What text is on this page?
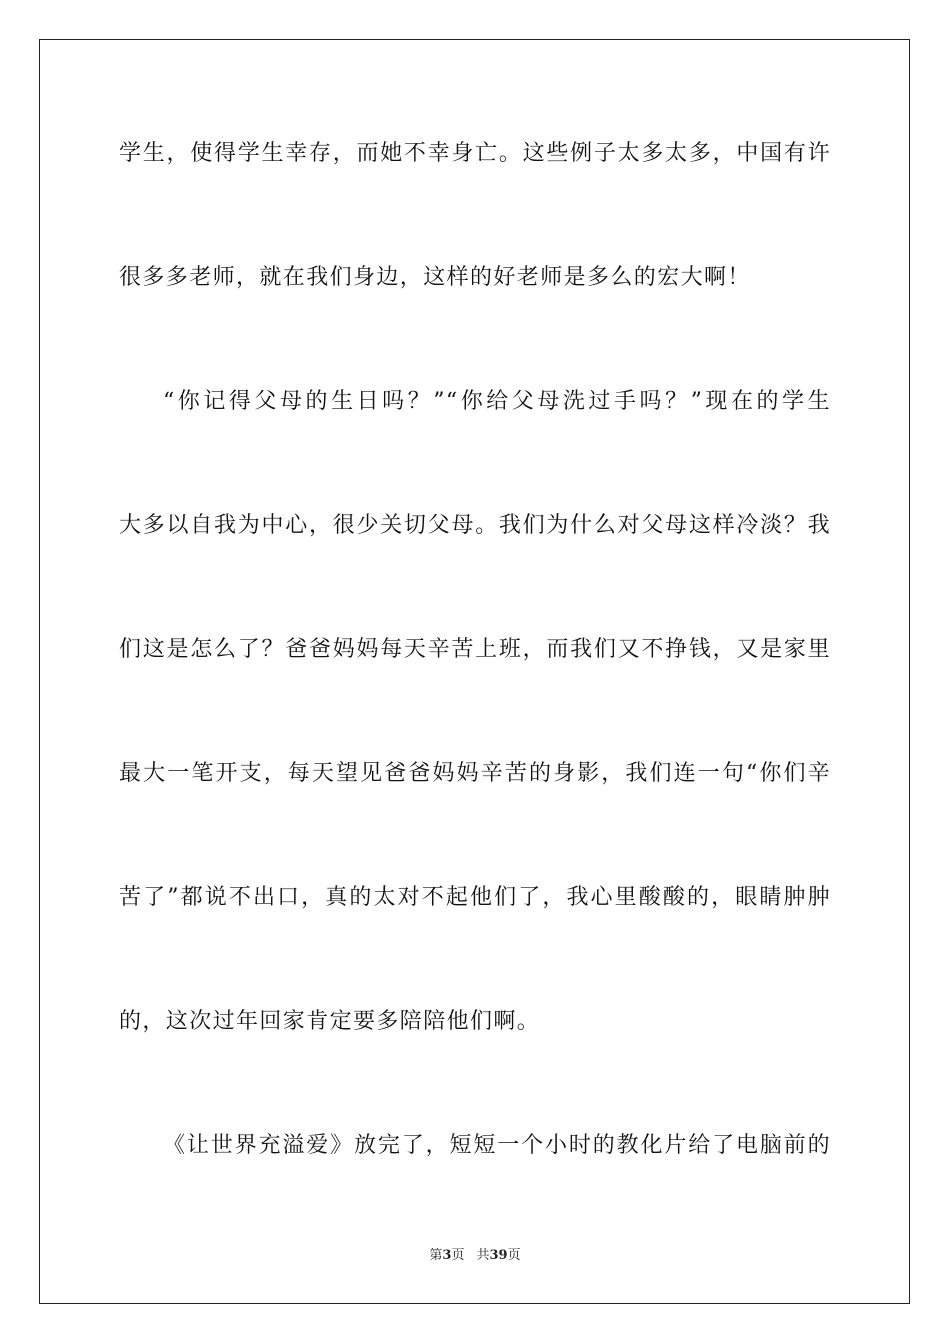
学生，使得学生幸存，而她不幸身亡。这些例子太多太多，中国有许
很多多老师，就在我们身边，这样的好老师是多么的宏大啊！
“你记得父母的生日吗？”“你给父母洗过手吗？”现在的学生
大多以自我为中心，很少关切父母。我们为什么对父母这样冷淡？我
们这是怎么了？爸爸妈妈每天辛苦上班，而我们又不挣钱，又是家里
最大一笔开支，每天望见爸爸妈妈辛苦的身影，我们连一句“你们辛
苦了”都说不出口，真的太对不起他们了，我心里酸酸的，眼睛肿肿
的，这次过年回家肯定要多陪陪他们啊。
《让世界充溢爱》放完了，短短一个小时的教化片给了电脑前的
第3页 共39页
